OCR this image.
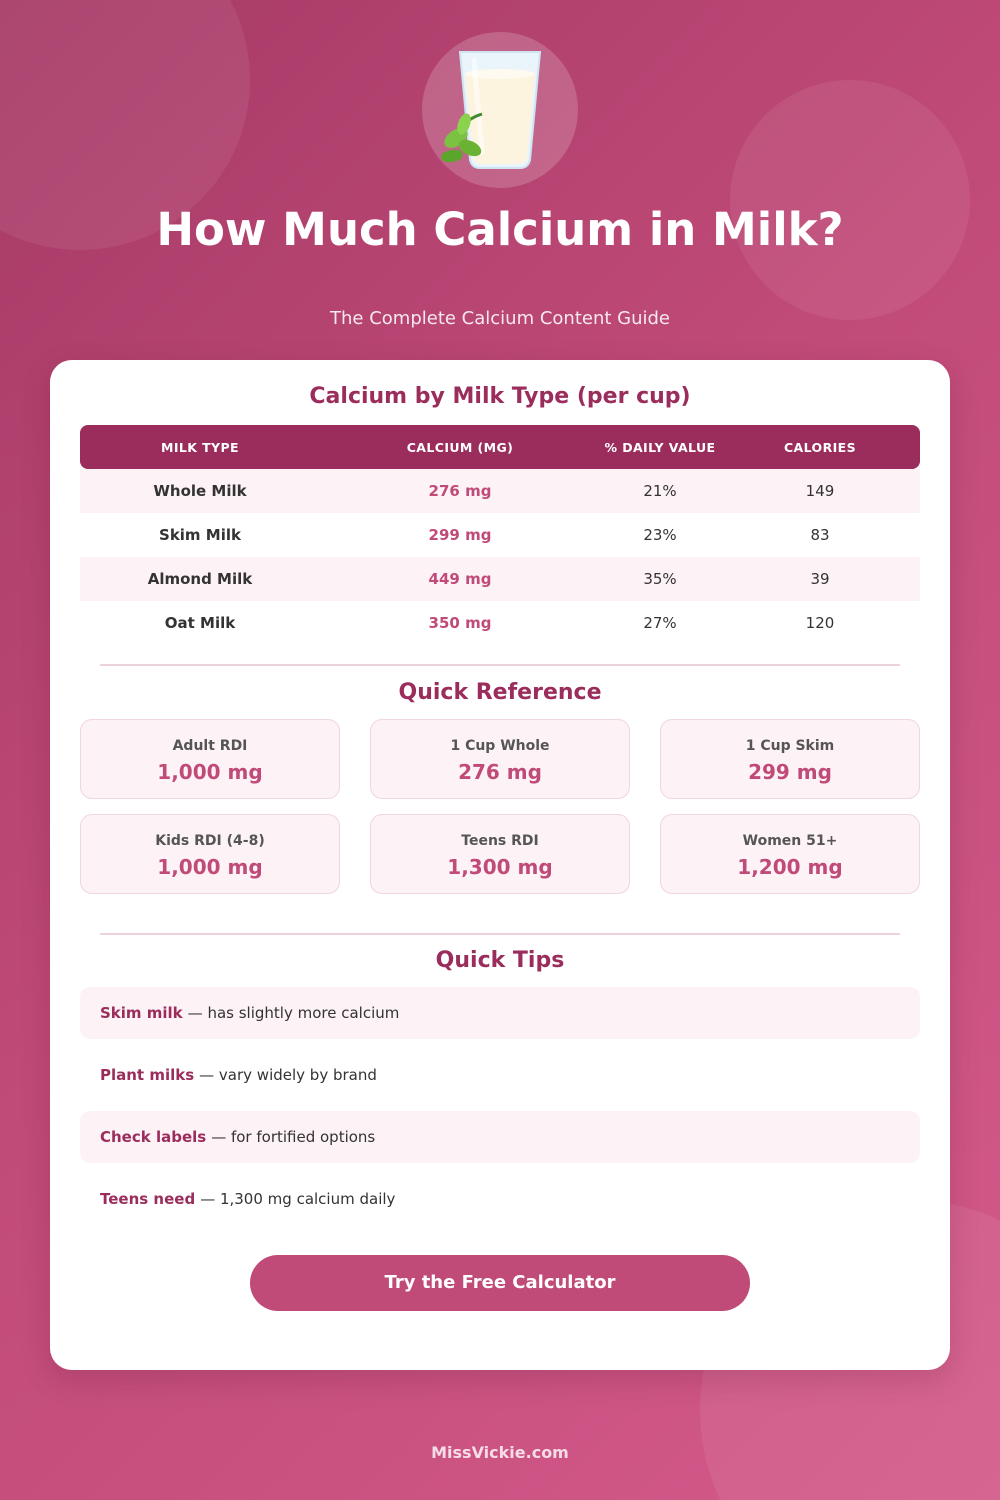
How Much Calcium in Milk?
The Complete Calcium Content Guide
Calcium by Milk Type (per cup)
MILK TYPE	CALCIUM (MG)	% DAILY VALUE	CALORIES
Whole Milk	276 mg	21%	149
Skim Milk	299 mg	23%	83
Almond Milk	449 mg	35%	39
Oat Milk	350 mg	27%	120
Quick Reference
Adult RDI
1,000 mg
1 Cup Whole
276 mg
1 Cup Skim
299 mg
Kids RDI (4-8)
1,000 mg
Teens RDI
1,300 mg
Women 51+
1,200 mg
Quick Tips
Skim milk — has slightly more calcium
Plant milks — vary widely by brand
Check labels — for fortified options
Teens need — 1,300 mg calcium daily
Try the Free Calculator
MissVickie.com
